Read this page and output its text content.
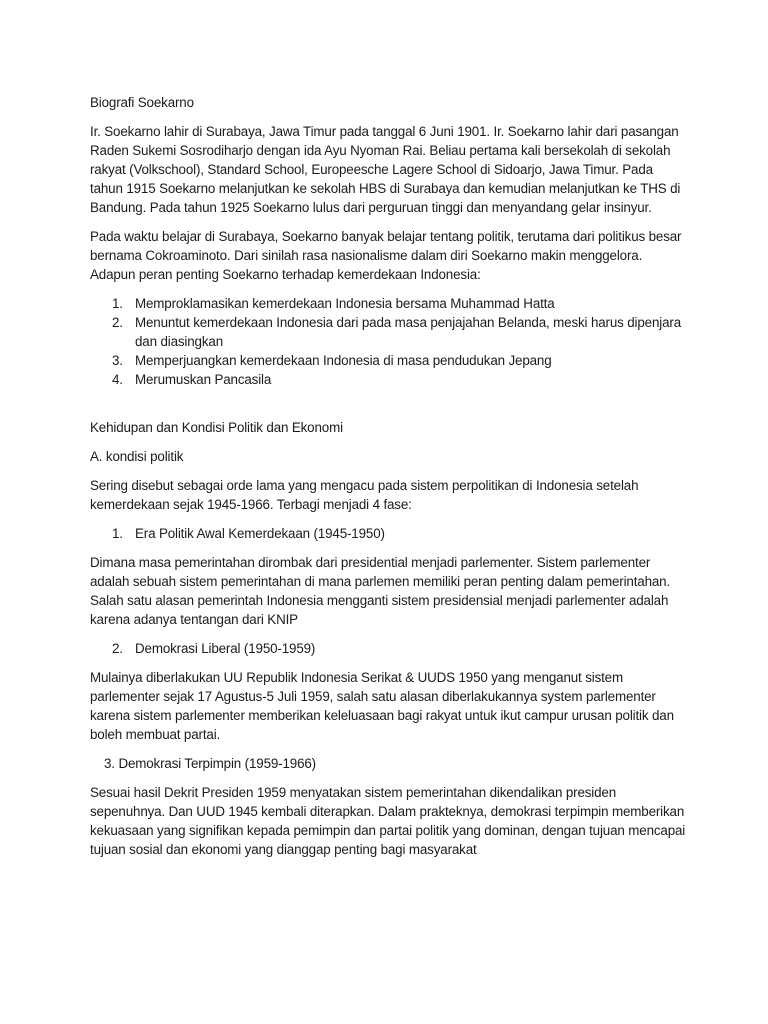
Biografi Soekarno

Ir. Soekarno lahir di Surabaya, Jawa Timur pada tanggal 6 Juni 1901. Ir. Soekarno lahir dari pasangan Raden Sukemi Sosrodiharjo dengan ida Ayu Nyoman Rai. Beliau pertama kali bersekolah di sekolah rakyat (Volkschool), Standard School, Europeesche Lagere School di Sidoarjo, Jawa Timur. Pada tahun 1915 Soekarno melanjutkan ke sekolah HBS di Surabaya dan kemudian melanjutkan ke THS di Bandung. Pada tahun 1925 Soekarno lulus dari perguruan tinggi dan menyandang gelar insinyur.

Pada waktu belajar di Surabaya, Soekarno banyak belajar tentang politik, terutama dari politikus besar bernama Cokroaminoto. Dari sinilah rasa nasionalisme dalam diri Soekarno makin menggelora. Adapun peran penting Soekarno terhadap kemerdekaan Indonesia:

1. Memproklamasikan kemerdekaan Indonesia bersama Muhammad Hatta
2. Menuntut kemerdekaan Indonesia dari pada masa penjajahan Belanda, meski harus dipenjara dan diasingkan
3. Memperjuangkan kemerdekaan Indonesia di masa pendudukan Jepang
4. Merumuskan Pancasila

Kehidupan dan Kondisi Politik dan Ekonomi

A. kondisi politik

Sering disebut sebagai orde lama yang mengacu pada sistem perpolitikan di Indonesia setelah kemerdekaan sejak 1945-1966. Terbagi menjadi 4 fase:

1. Era Politik Awal Kemerdekaan (1945-1950)

Dimana masa pemerintahan dirombak dari presidential menjadi parlementer. Sistem parlementer adalah sebuah sistem pemerintahan di mana parlemen memiliki peran penting dalam pemerintahan. Salah satu alasan pemerintah Indonesia mengganti sistem presidensial menjadi parlementer adalah karena adanya tentangan dari KNIP

2. Demokrasi Liberal (1950-1959)

Mulainya diberlakukan UU Republik Indonesia Serikat & UUDS 1950 yang menganut sistem parlementer sejak 17 Agustus-5 Juli 1959, salah satu alasan diberlakukannya system parlementer karena sistem parlementer memberikan keleluasaan bagi rakyat untuk ikut campur urusan politik dan boleh membuat partai.

3. Demokrasi Terpimpin (1959-1966)

Sesuai hasil Dekrit Presiden 1959 menyatakan sistem pemerintahan dikendalikan presiden sepenuhnya. Dan UUD 1945 kembali diterapkan. Dalam prakteknya, demokrasi terpimpin memberikan kekuasaan yang signifikan kepada pemimpin dan partai politik yang dominan, dengan tujuan mencapai tujuan sosial dan ekonomi yang dianggap penting bagi masyarakat
